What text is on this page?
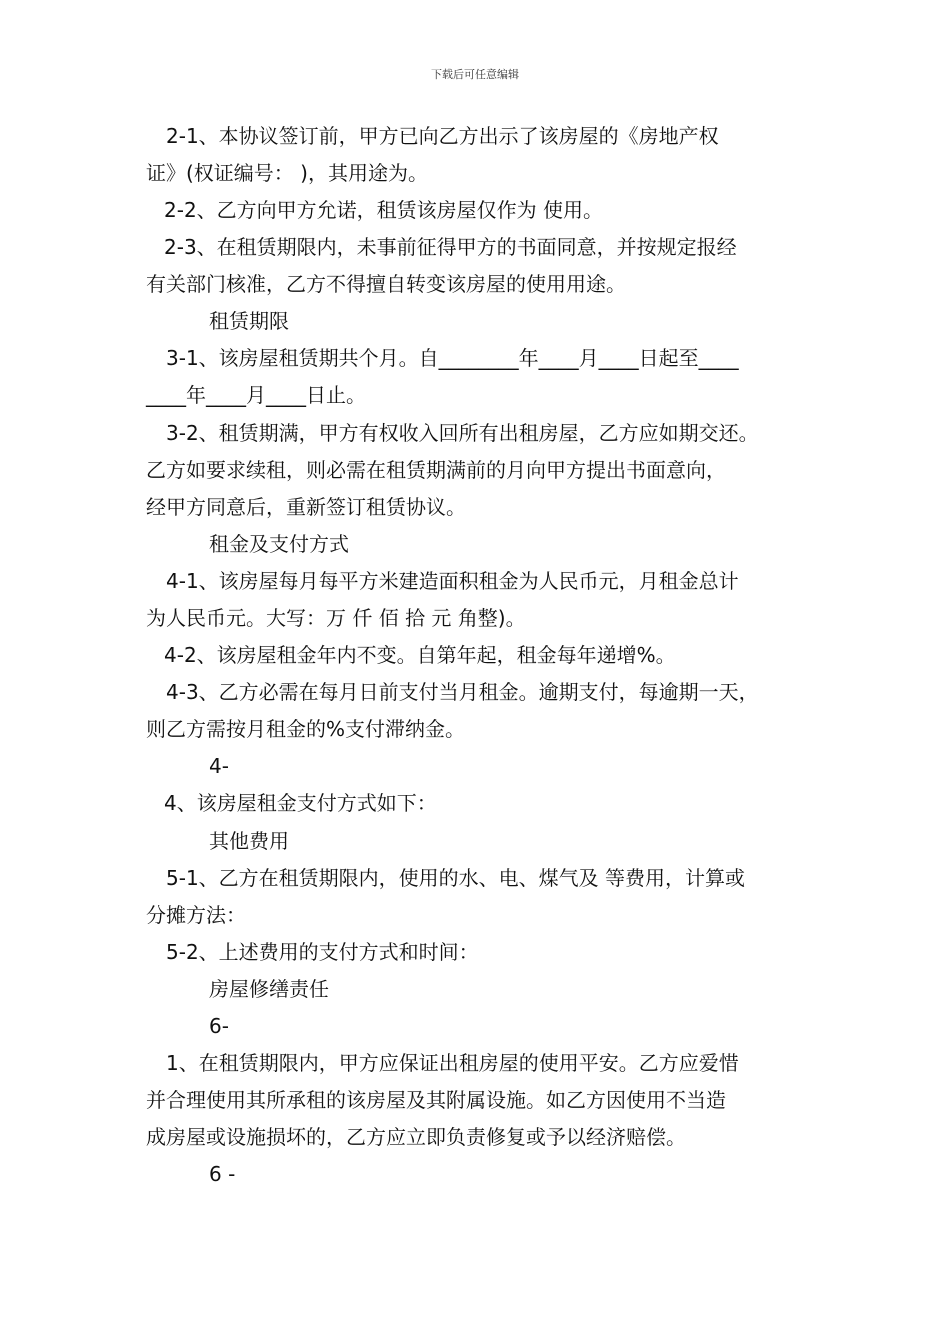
下载后可任意编辑
2-1、本协议签订前，甲方已向乙方出示了该房屋的《房地产权
证》(权证编号： )，其用途为。
2-2、乙方向甲方允诺，租赁该房屋仅作为 使用。
2-3、在租赁期限内，未事前征得甲方的书面同意，并按规定报经
有关部门核准，乙方不得擅自转变该房屋的使用用途。
租赁期限
3-1、该房屋租赁期共个月。自________年____月____日起至____
____年____月____日止。
3-2、租赁期满，甲方有权收入回所有出租房屋，乙方应如期交还。
乙方如要求续租，则必需在租赁期满前的月向甲方提出书面意向，
经甲方同意后，重新签订租赁协议。
租金及支付方式
4-1、该房屋每月每平方米建造面积租金为人民币元，月租金总计
为人民币元。大写：万 仟 佰 拾 元 角整)。
4-2、该房屋租金年内不变。自第年起，租金每年递增%。
4-3、乙方必需在每月日前支付当月租金。逾期支付，每逾期一天，
则乙方需按月租金的%支付滞纳金。
4-
4、该房屋租金支付方式如下：
其他费用
5-1、乙方在租赁期限内，使用的水、电、煤气及 等费用，计算或
分摊方法：
5-2、上述费用的支付方式和时间：
房屋修缮责任
6-
1、在租赁期限内，甲方应保证出租房屋的使用平安。乙方应爱惜
并合理使用其所承租的该房屋及其附属设施。如乙方因使用不当造
成房屋或设施损坏的，乙方应立即负责修复或予以经济赔偿。
6 -
